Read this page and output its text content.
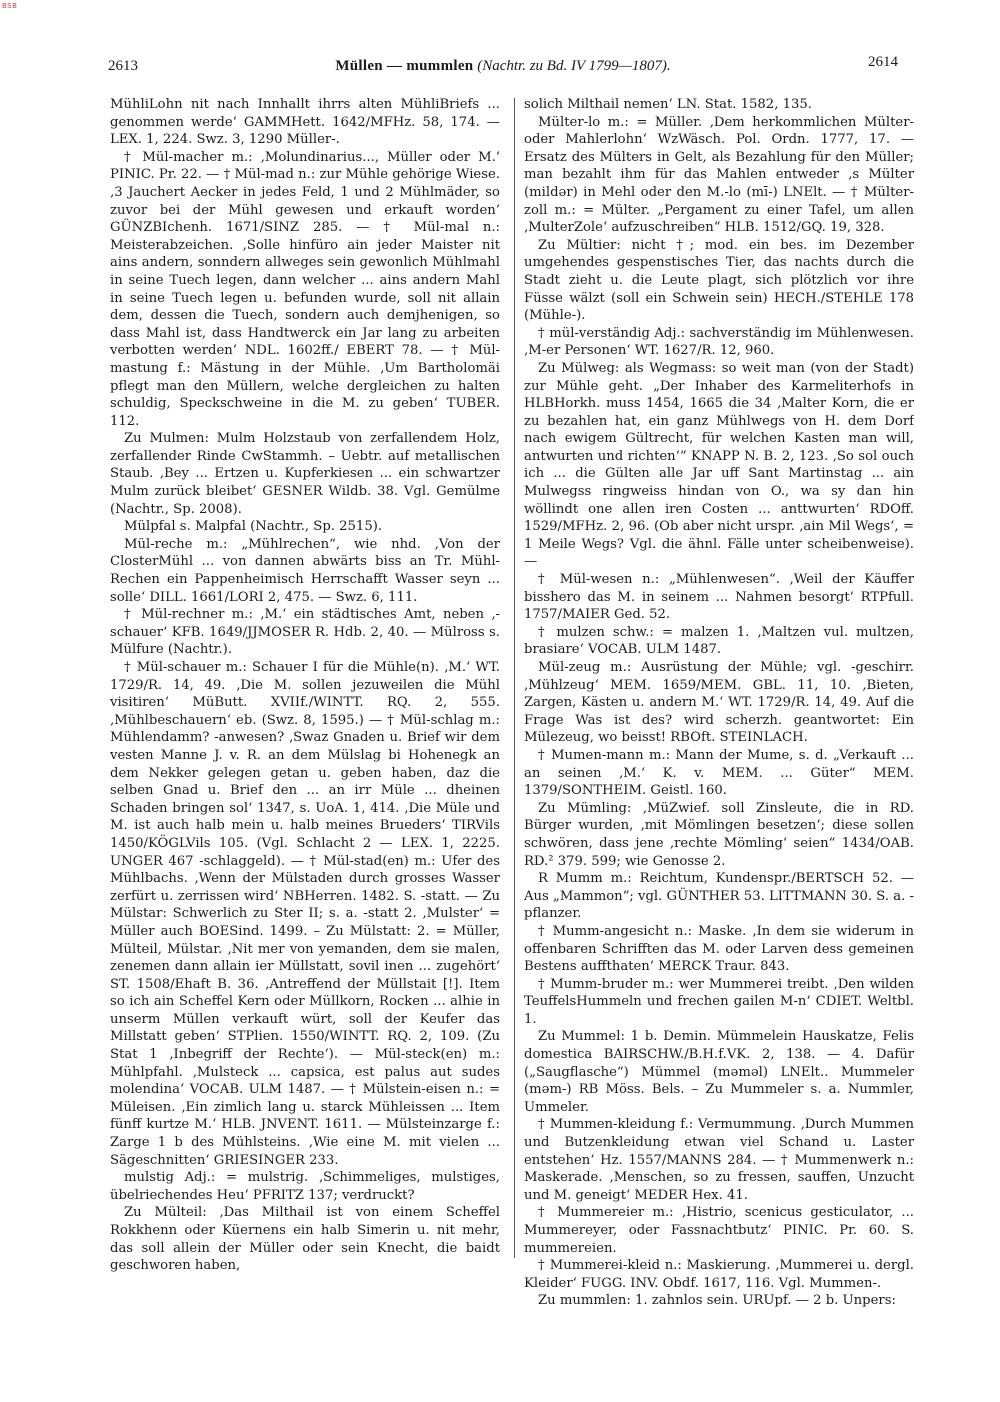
BSB
2613	Müllen — mummlen (Nachtr. zu Bd. IV 1799—1807).	2614

MühliLohn nit nach Innhallt ihrrs alten MühliBriefs ... genommen werde‘ GAMMHett. 1642/MFHz. 58, 174. — LEX. 1, 224. Swz. 3, 1290 Müller-.

† Mül-macher m.: ‚Molundinarius..., Müller oder M.‘ PINIC. Pr. 22. — † Mül-mad n.: zur Mühle gehörige Wiese. ‚3 Jauchert Aecker in jedes Feld, 1 und 2 Mühlmäder, so zuvor bei der Mühl gewesen und erkauft worden‘ GÜNZBIchenh. 1671/SINZ 285. — † Mül-mal n.: Meisterabzeichen. ‚Solle hinfüro ain jeder Maister nit ains andern, sonndern allweges sein gewonlich Mühlmahl in seine Tuech legen, dann welcher ... ains andern Mahl in seine Tuech legen u. befunden wurde, soll nit allain dem, dessen die Tuech, sondern auch demjhenigen, so dass Mahl ist, dass Handtwerck ein Jar lang zu arbeiten verbotten werden‘ NDL. 1602ff./ EBERT 78. — † Mül-mastung f.: Mästung in der Mühle. ‚Um Bartholomäi pflegt man den Müllern, welche dergleichen zu halten schuldig, Speckschweine in die M. zu geben‘ TUBER. 112.

Zu Mulmen: Mulm Holzstaub von zerfallendem Holz, zerfallender Rinde CwStammh. – Uebtr. auf metallischen Staub. ‚Bey ... Ertzen u. Kupferkiesen ... ein schwartzer Mulm zurück bleibet‘ GESNER Wildb. 38. Vgl. Gemülme (Nachtr., Sp. 2008).

Mülpfal s. Malpfal (Nachtr., Sp. 2515).

Mül-reche m.: „Mühlrechen“, wie nhd. ‚Von der ClosterMühl ... von dannen abwärts biss an Tr. Mühl-Rechen ein Pappenheimisch Herrschafft Wasser seyn ... solle‘ DILL. 1661/LORI 2, 475. — Swz. 6, 111.

† Mül-rechner m.: ‚M.‘ ein städtisches Amt, neben ‚-schauer‘ KFB. 1649/JJMOSER R. Hdb. 2, 40. — Mülross s. Mülfure (Nachtr.).

† Mül-schauer m.: Schauer I für die Mühle(n). ‚M.‘ WT. 1729/R. 14, 49. ‚Die M. sollen jezuweilen die Mühl visitiren‘ MüButt. XVIIf./WINTT. RQ. 2, 555. ‚Mühlbeschauern‘ eb. (Swz. 8, 1595.) — † Mül-schlag m.: Mühlendamm? -anwesen? ‚Swaz Gnaden u. Brief wir dem vesten Manne J. v. R. an dem Mülslag bi Hohenegk an dem Nekker gelegen getan u. geben haben, daz die selben Gnad u. Brief den ... an irr Müle ... dheinen Schaden bringen sol‘ 1347, s. UoA. 1, 414. ‚Die Müle und M. ist auch halb mein u. halb meines Brueders‘ TIRVils 1450/KÖGLVils 105. (Vgl. Schlacht 2 — LEX. 1, 2225. UNGER 467 -schlaggeld). — † Mül-stad(en) m.: Ufer des Mühlbachs. ‚Wenn der Mülstaden durch grosses Wasser zerfürt u. zerrissen wird‘ NBHerren. 1482. S. -statt. — Zu Mülstar: Schwerlich zu Ster II; s. a. -statt 2. ‚Mulster‘ = Müller auch BOESind. 1499. – Zu Mülstatt: 2. = Müller, Mülteil, Mülstar. ‚Nit mer von yemanden, dem sie malen, zenemen dann allain ier Müllstatt, sovil inen ... zugehört‘ ST. 1508/Ehaft B. 36. ‚Antreffend der Müllstait [!]. Item so ich ain Scheffel Kern oder Müllkorn, Rocken ... alhie in unserm Müllen verkauft würt, soll der Keufer das Millstatt geben‘ STPlien. 1550/WINTT. RQ. 2, 109. (Zu Stat 1 ‚Inbegriff der Rechte‘). — Mül-steck(en) m.: Mühlpfahl. ‚Mulsteck ... capsica, est palus aut sudes molendina‘ VOCAB. ULM 1487. — † Mülstein-eisen n.: = Müleisen. ‚Ein zimlich lang u. starck Mühleissen ... Item fünff kurtze M.‘ HLB. JNVENT. 1611. — Mülsteinzarge f.: Zarge 1 b des Mühlsteins. ‚Wie eine M. mit vielen ... Sägeschnitten‘ GRIESINGER 233.

mulstig Adj.: = mulstrig. ‚Schimmeliges, mulstiges, übelriechendes Heu‘ PFRITZ 137; verdruckt?

Zu Mülteil: ‚Das Milthail ist von einem Scheffel Rokkhenn oder Küernens ein halb Simerin u. nit mehr, das soll allein der Müller oder sein Knecht, die baidt geschworen haben,

solich Milthail nemen‘ LN. Stat. 1582, 135.

Mülter-lo m.: = Müller. ‚Dem herkommlichen Mülter- oder Mahlerlohn‘ WzWäsch. Pol. Ordn. 1777, 17. — Ersatz des Mülters in Gelt, als Bezahlung für den Müller; man bezahlt ihm für das Mahlen entweder ‚s Mülter (mildər) in Mehl oder den M.-lo (mī-) LNElt. — † Mülter-zoll m.: = Mülter. „Pergament zu einer Tafel, um allen ‚MulterZole‘ aufzuschreiben“ HLB. 1512/GQ. 19, 328.

Zu Mültier: nicht †; mod. ein bes. im Dezember umgehendes gespenstisches Tier, das nachts durch die Stadt zieht u. die Leute plagt, sich plötzlich vor ihre Füsse wälzt (soll ein Schwein sein) HECH./STEHLE 178 (Mühle-).

† mül-verständig Adj.: sachverständig im Mühlenwesen. ‚M-er Personen‘ WT. 1627/R. 12, 960.

Zu Mülweg: als Wegmass: so weit man (von der Stadt) zur Mühle geht. „Der Inhaber des Karmeliterhofs in HLBHorkh. muss 1454, 1665 die 34 ‚Malter Korn, die er zu bezahlen hat, ein ganz Mühlwegs von H. dem Dorf nach ewigem Gültrecht, für welchen Kasten man will, antwurten und richten‘“ KNAPP N. B. 2, 123. ‚So sol ouch ich ... die Gülten alle Jar uff Sant Martinstag ... ain Mulwegss ringweiss hindan von O., wa sy dan hin wöllindt one allen iren Costen ... anttwurten‘ RDOff. 1529/MFHz. 2, 96. (Ob aber nicht urspr. ‚ain Mil Wegs‘, = 1 Meile Wegs? Vgl. die ähnl. Fälle unter scheibenweise). —

† Mül-wesen n.: „Mühlenwesen“. ‚Weil der Käuffer bisshero das M. in seinem ... Nahmen besorgt‘ RTPfull. 1757/MAIER Ged. 52.

† mulzen schw.: = malzen 1. ‚Maltzen vul. multzen, brasiare‘ VOCAB. ULM 1487.

Mül-zeug m.: Ausrüstung der Mühle; vgl. -geschirr. ‚Mühlzeug‘ MEM. 1659/MEM. GBL. 11, 10. ‚Bieten, Zargen, Kästen u. andern M.‘ WT. 1729/R. 14, 49. Auf die Frage Was ist des? wird scherzh. geantwortet: Ein Mülezeug, wo beisst! RBOft. STEINLACH.

† Mumen-mann m.: Mann der Mume, s. d. „Verkauft ... an seinen ‚M.‘ K. v. MEM. ... Güter“ MEM. 1379/SONTHEIM. Geistl. 160.

Zu Mümling: ‚MüZwief. soll Zinsleute, die in RD. Bürger wurden, ‚mit Mömlingen besetzen‘; diese sollen schwören, dass jene ‚rechte Mömling‘ seien“ 1434/OAB. RD.² 379. 599; wie Genosse 2.

R Mumm m.: Reichtum, Kundenspr./BERTSCH 52. — Aus „Mammon“; vgl. GÜNTHER 53. LITTMANN 30. S. a. -pflanzer.

† Mumm-angesicht n.: Maske. ‚In dem sie widerum in offenbaren Schrifften das M. oder Larven dess gemeinen Bestens auffthaten‘ MERCK Traur. 843.

† Mumm-bruder m.: wer Mummerei treibt. ‚Den wilden TeuffelsHummeln und frechen gailen M-n‘ CDIET. Weltbl. 1.

Zu Mummel: 1 b. Demin. Mümmelein Hauskatze, Felis domestica BAIRSCHW./B.H.f.VK. 2, 138. — 4. Dafür („Saugflasche“) Mümmel (məməl) LNElt.. Mummeler (məm-) RB Möss. Bels. – Zu Mummeler s. a. Nummler, Ummeler.

† Mummen-kleidung f.: Vermummung. ‚Durch Mummen und Butzenkleidung etwan viel Schand u. Laster entstehen‘ Hz. 1557/MANNS 284. — † Mummenwerk n.: Maskerade. ‚Menschen, so zu fressen, sauffen, Unzucht und M. geneigt‘ MEDER Hex. 41.

† Mummereier m.: ‚Histrio, scenicus gesticulator, ... Mummereyer, oder Fassnachtbutz‘ PINIC. Pr. 60. S. mummereien.

† Mummerei-kleid n.: Maskierung. ‚Mummerei u. dergl. Kleider‘ FUGG. INV. Obdf. 1617, 116. Vgl. Mummen-.

Zu mummlen: 1. zahnlos sein. URUpf. — 2 b. Unpers:
